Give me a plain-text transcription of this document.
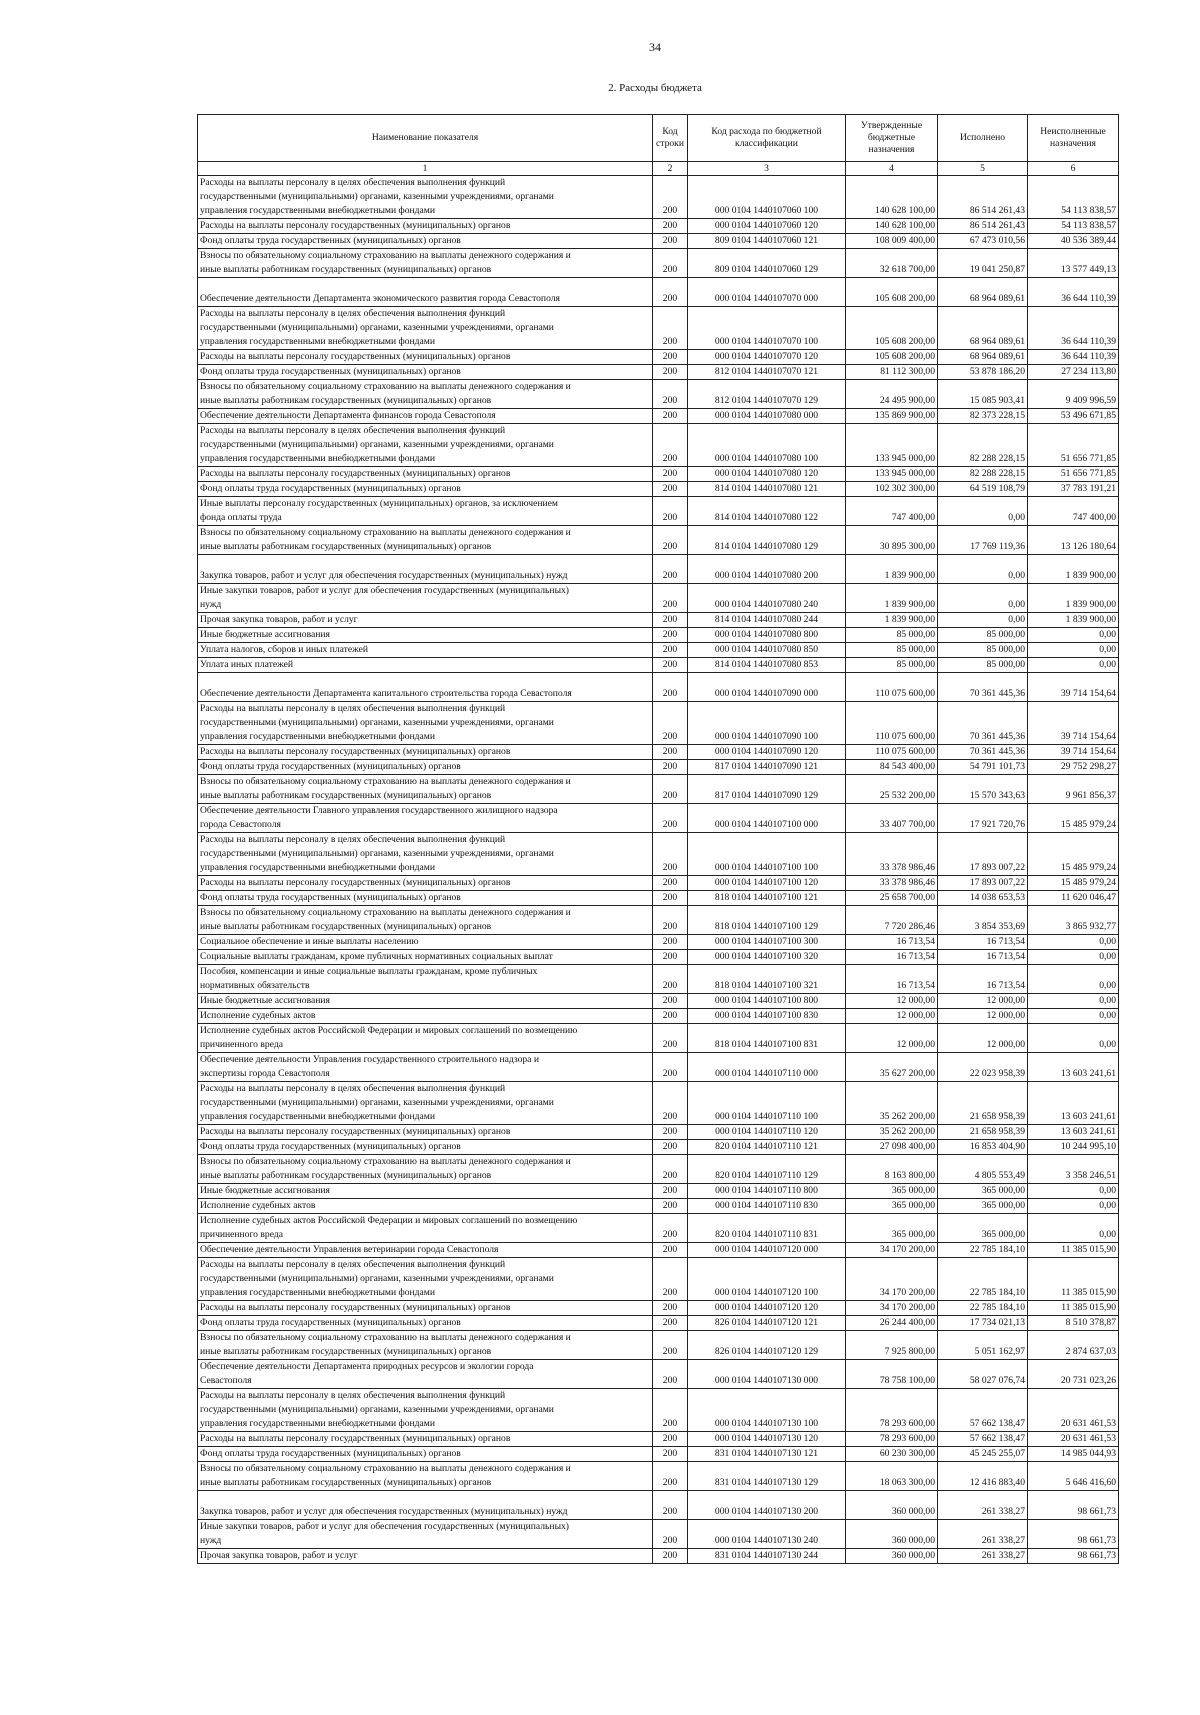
34
2. Расходы бюджета
Наименование показателя	Код строки	Код расхода по бюджетной классификации	Утвержденные бюджетные назначения	Исполнено	Неисполненные назначения
1	2	3	4	5	6
Расходы на выплаты персоналу в целях обеспечения выполнения функций
государственными (муниципальными) органами, казенными учреждениями, органами
управления государственными внебюджетными фондами	200	000 0104 1440107060 100	140 628 100,00	86 514 261,43	54 113 838,57
Расходы на выплаты персоналу государственных (муниципальных) органов	200	000 0104 1440107060 120	140 628 100,00	86 514 261,43	54 113 838,57
Фонд оплаты труда государственных (муниципальных) органов	200	809 0104 1440107060 121	108 009 400,00	67 473 010,56	40 536 389,44
Взносы по обязательному социальному страхованию на выплаты денежного содержания и
иные выплаты работникам государственных (муниципальных) органов	200	809 0104 1440107060 129	32 618 700,00	19 041 250,87	13 577 449,13

Обеспечение деятельности Департамента экономического развития города Севастополя	200	000 0104 1440107070 000	105 608 200,00	68 964 089,61	36 644 110,39
Расходы на выплаты персоналу в целях обеспечения выполнения функций
государственными (муниципальными) органами, казенными учреждениями, органами
управления государственными внебюджетными фондами	200	000 0104 1440107070 100	105 608 200,00	68 964 089,61	36 644 110,39
Расходы на выплаты персоналу государственных (муниципальных) органов	200	000 0104 1440107070 120	105 608 200,00	68 964 089,61	36 644 110,39
Фонд оплаты труда государственных (муниципальных) органов	200	812 0104 1440107070 121	81 112 300,00	53 878 186,20	27 234 113,80
Взносы по обязательному социальному страхованию на выплаты денежного содержания и
иные выплаты работникам государственных (муниципальных) органов	200	812 0104 1440107070 129	24 495 900,00	15 085 903,41	9 409 996,59
Обеспечение деятельности Департамента финансов города Севастополя	200	000 0104 1440107080 000	135 869 900,00	82 373 228,15	53 496 671,85
Расходы на выплаты персоналу в целях обеспечения выполнения функций
государственными (муниципальными) органами, казенными учреждениями, органами
управления государственными внебюджетными фондами	200	000 0104 1440107080 100	133 945 000,00	82 288 228,15	51 656 771,85
Расходы на выплаты персоналу государственных (муниципальных) органов	200	000 0104 1440107080 120	133 945 000,00	82 288 228,15	51 656 771,85
Фонд оплаты труда государственных (муниципальных) органов	200	814 0104 1440107080 121	102 302 300,00	64 519 108,79	37 783 191,21
Иные выплаты персоналу государственных (муниципальных) органов, за исключением
фонда оплаты труда	200	814 0104 1440107080 122	747 400,00	0,00	747 400,00
Взносы по обязательному социальному страхованию на выплаты денежного содержания и
иные выплаты работникам государственных (муниципальных) органов	200	814 0104 1440107080 129	30 895 300,00	17 769 119,36	13 126 180,64

Закупка товаров, работ и услуг для обеспечения государственных (муниципальных) нужд	200	000 0104 1440107080 200	1 839 900,00	0,00	1 839 900,00
Иные закупки товаров, работ и услуг для обеспечения государственных (муниципальных)
нужд	200	000 0104 1440107080 240	1 839 900,00	0,00	1 839 900,00
Прочая закупка товаров, работ и услуг	200	814 0104 1440107080 244	1 839 900,00	0,00	1 839 900,00
Иные бюджетные ассигнования	200	000 0104 1440107080 800	85 000,00	85 000,00	0,00
Уплата налогов, сборов и иных платежей	200	000 0104 1440107080 850	85 000,00	85 000,00	0,00
Уплата иных платежей	200	814 0104 1440107080 853	85 000,00	85 000,00	0,00

Обеспечение деятельности Департамента капитального строительства города Севастополя	200	000 0104 1440107090 000	110 075 600,00	70 361 445,36	39 714 154,64
Расходы на выплаты персоналу в целях обеспечения выполнения функций
государственными (муниципальными) органами, казенными учреждениями, органами
управления государственными внебюджетными фондами	200	000 0104 1440107090 100	110 075 600,00	70 361 445,36	39 714 154,64
Расходы на выплаты персоналу государственных (муниципальных) органов	200	000 0104 1440107090 120	110 075 600,00	70 361 445,36	39 714 154,64
Фонд оплаты труда государственных (муниципальных) органов	200	817 0104 1440107090 121	84 543 400,00	54 791 101,73	29 752 298,27
Взносы по обязательному социальному страхованию на выплаты денежного содержания и
иные выплаты работникам государственных (муниципальных) органов	200	817 0104 1440107090 129	25 532 200,00	15 570 343,63	9 961 856,37
Обеспечение деятельности Главного управления государственного жилищного надзора
города Севастополя	200	000 0104 1440107100 000	33 407 700,00	17 921 720,76	15 485 979,24
Расходы на выплаты персоналу в целях обеспечения выполнения функций
государственными (муниципальными) органами, казенными учреждениями, органами
управления государственными внебюджетными фондами	200	000 0104 1440107100 100	33 378 986,46	17 893 007,22	15 485 979,24
Расходы на выплаты персоналу государственных (муниципальных) органов	200	000 0104 1440107100 120	33 378 986,46	17 893 007,22	15 485 979,24
Фонд оплаты труда государственных (муниципальных) органов	200	818 0104 1440107100 121	25 658 700,00	14 038 653,53	11 620 046,47
Взносы по обязательному социальному страхованию на выплаты денежного содержания и
иные выплаты работникам государственных (муниципальных) органов	200	818 0104 1440107100 129	7 720 286,46	3 854 353,69	3 865 932,77
Социальное обеспечение и иные выплаты населению	200	000 0104 1440107100 300	16 713,54	16 713,54	0,00
Социальные выплаты гражданам, кроме публичных нормативных социальных выплат	200	000 0104 1440107100 320	16 713,54	16 713,54	0,00
Пособия, компенсации и иные социальные выплаты гражданам, кроме публичных
нормативных обязательств	200	818 0104 1440107100 321	16 713,54	16 713,54	0,00
Иные бюджетные ассигнования	200	000 0104 1440107100 800	12 000,00	12 000,00	0,00
Исполнение судебных актов	200	000 0104 1440107100 830	12 000,00	12 000,00	0,00
Исполнение судебных актов Российской Федерации и мировых соглашений по возмещению
причиненного вреда	200	818 0104 1440107100 831	12 000,00	12 000,00	0,00
Обеспечение деятельности Управления государственного строительного надзора и
экспертизы города Севастополя	200	000 0104 1440107110 000	35 627 200,00	22 023 958,39	13 603 241,61
Расходы на выплаты персоналу в целях обеспечения выполнения функций
государственными (муниципальными) органами, казенными учреждениями, органами
управления государственными внебюджетными фондами	200	000 0104 1440107110 100	35 262 200,00	21 658 958,39	13 603 241,61
Расходы на выплаты персоналу государственных (муниципальных) органов	200	000 0104 1440107110 120	35 262 200,00	21 658 958,39	13 603 241,61
Фонд оплаты труда государственных (муниципальных) органов	200	820 0104 1440107110 121	27 098 400,00	16 853 404,90	10 244 995,10
Взносы по обязательному социальному страхованию на выплаты денежного содержания и
иные выплаты работникам государственных (муниципальных) органов	200	820 0104 1440107110 129	8 163 800,00	4 805 553,49	3 358 246,51
Иные бюджетные ассигнования	200	000 0104 1440107110 800	365 000,00	365 000,00	0,00
Исполнение судебных актов	200	000 0104 1440107110 830	365 000,00	365 000,00	0,00
Исполнение судебных актов Российской Федерации и мировых соглашений по возмещению
причиненного вреда	200	820 0104 1440107110 831	365 000,00	365 000,00	0,00
Обеспечение деятельности Управления ветеринарии города Севастополя	200	000 0104 1440107120 000	34 170 200,00	22 785 184,10	11 385 015,90
Расходы на выплаты персоналу в целях обеспечения выполнения функций
государственными (муниципальными) органами, казенными учреждениями, органами
управления государственными внебюджетными фондами	200	000 0104 1440107120 100	34 170 200,00	22 785 184,10	11 385 015,90
Расходы на выплаты персоналу государственных (муниципальных) органов	200	000 0104 1440107120 120	34 170 200,00	22 785 184,10	11 385 015,90
Фонд оплаты труда государственных (муниципальных) органов	200	826 0104 1440107120 121	26 244 400,00	17 734 021,13	8 510 378,87
Взносы по обязательному социальному страхованию на выплаты денежного содержания и
иные выплаты работникам государственных (муниципальных) органов	200	826 0104 1440107120 129	7 925 800,00	5 051 162,97	2 874 637,03
Обеспечение деятельности Департамента природных ресурсов и экологии города
Севастополя	200	000 0104 1440107130 000	78 758 100,00	58 027 076,74	20 731 023,26
Расходы на выплаты персоналу в целях обеспечения выполнения функций
государственными (муниципальными) органами, казенными учреждениями, органами
управления государственными внебюджетными фондами	200	000 0104 1440107130 100	78 293 600,00	57 662 138,47	20 631 461,53
Расходы на выплаты персоналу государственных (муниципальных) органов	200	000 0104 1440107130 120	78 293 600,00	57 662 138,47	20 631 461,53
Фонд оплаты труда государственных (муниципальных) органов	200	831 0104 1440107130 121	60 230 300,00	45 245 255,07	14 985 044,93
Взносы по обязательному социальному страхованию на выплаты денежного содержания и
иные выплаты работникам государственных (муниципальных) органов	200	831 0104 1440107130 129	18 063 300,00	12 416 883,40	5 646 416,60

Закупка товаров, работ и услуг для обеспечения государственных (муниципальных) нужд	200	000 0104 1440107130 200	360 000,00	261 338,27	98 661,73
Иные закупки товаров, работ и услуг для обеспечения государственных (муниципальных)
нужд	200	000 0104 1440107130 240	360 000,00	261 338,27	98 661,73
Прочая закупка товаров, работ и услуг	200	831 0104 1440107130 244	360 000,00	261 338,27	98 661,73
